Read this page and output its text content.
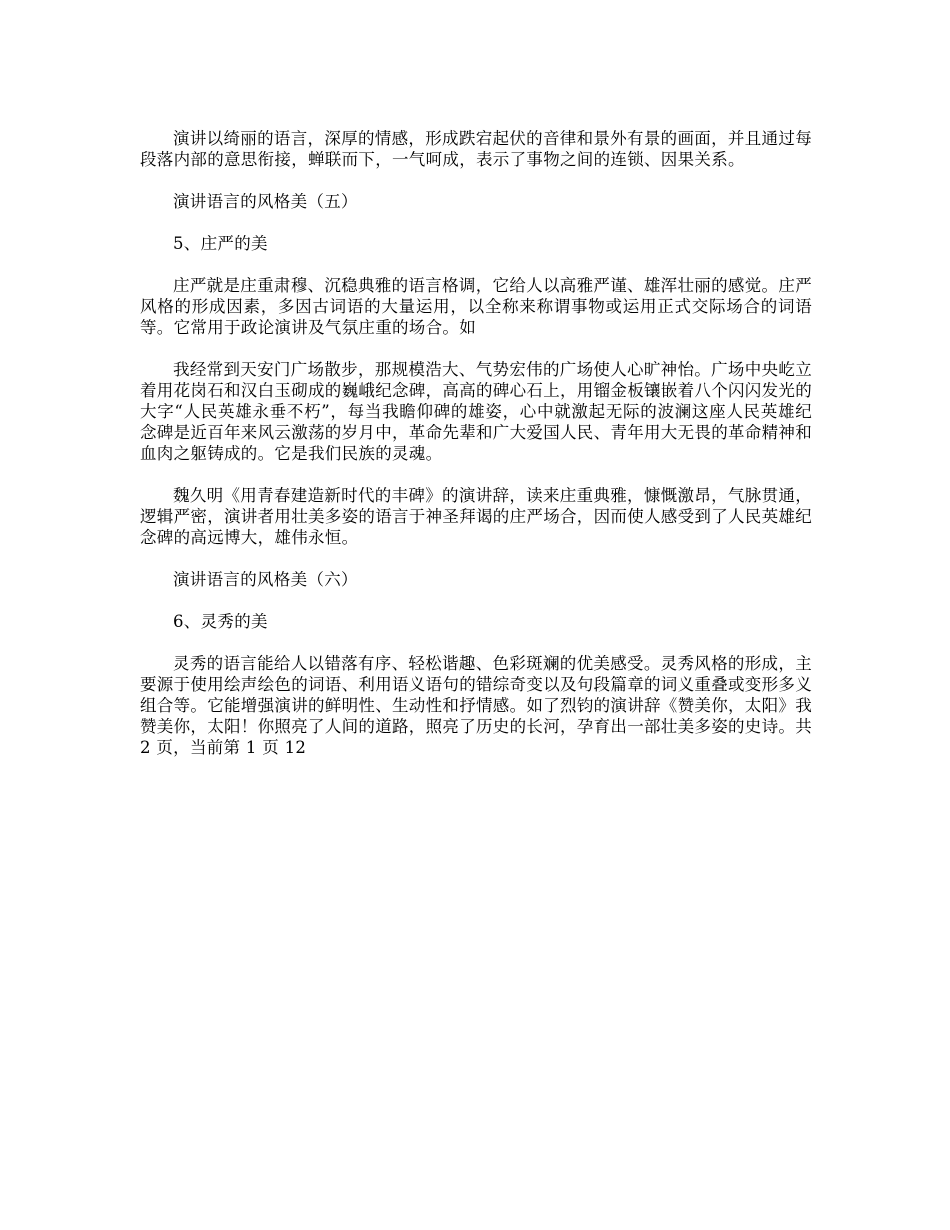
演讲以绮丽的语言，深厚的情感，形成跌宕起伏的音律和景外有景的画面，并且通过每段落内部的意思衔接，蝉联而下，一气呵成，表示了事物之间的连锁、因果关系。

演讲语言的风格美（五）

5、庄严的美

庄严就是庄重肃穆、沉稳典雅的语言格调，它给人以高雅严谨、雄浑壮丽的感觉。庄严风格的形成因素，多因古词语的大量运用，以全称来称谓事物或运用正式交际场合的词语等。它常用于政论演讲及气氛庄重的场合。如

我经常到天安门广场散步，那规模浩大、气势宏伟的广场使人心旷神怡。广场中央屹立着用花岗石和汉白玉砌成的巍峨纪念碑，高高的碑心石上，用镏金板镶嵌着八个闪闪发光的大字“人民英雄永垂不朽”，每当我瞻仰碑的雄姿，心中就激起无际的波澜这座人民英雄纪念碑是近百年来风云激荡的岁月中，革命先辈和广大爱国人民、青年用大无畏的革命精神和血肉之躯铸成的。它是我们民族的灵魂。

魏久明《用青春建造新时代的丰碑》的演讲辞，读来庄重典雅，慷慨激昂，气脉贯通，逻辑严密，演讲者用壮美多姿的语言于神圣拜谒的庄严场合，因而使人感受到了人民英雄纪念碑的高远博大，雄伟永恒。

演讲语言的风格美（六）

6、灵秀的美

灵秀的语言能给人以错落有序、轻松谐趣、色彩斑斓的优美感受。灵秀风格的形成，主要源于使用绘声绘色的词语、利用语义语句的错综奇变以及句段篇章的词义重叠或变形多义组合等。它能增强演讲的鲜明性、生动性和抒情感。如了烈钧的演讲辞《赞美你，太阳》我赞美你，太阳！你照亮了人间的道路，照亮了历史的长河，孕育出一部壮美多姿的史诗。共 2 页，当前第 1 页 12
